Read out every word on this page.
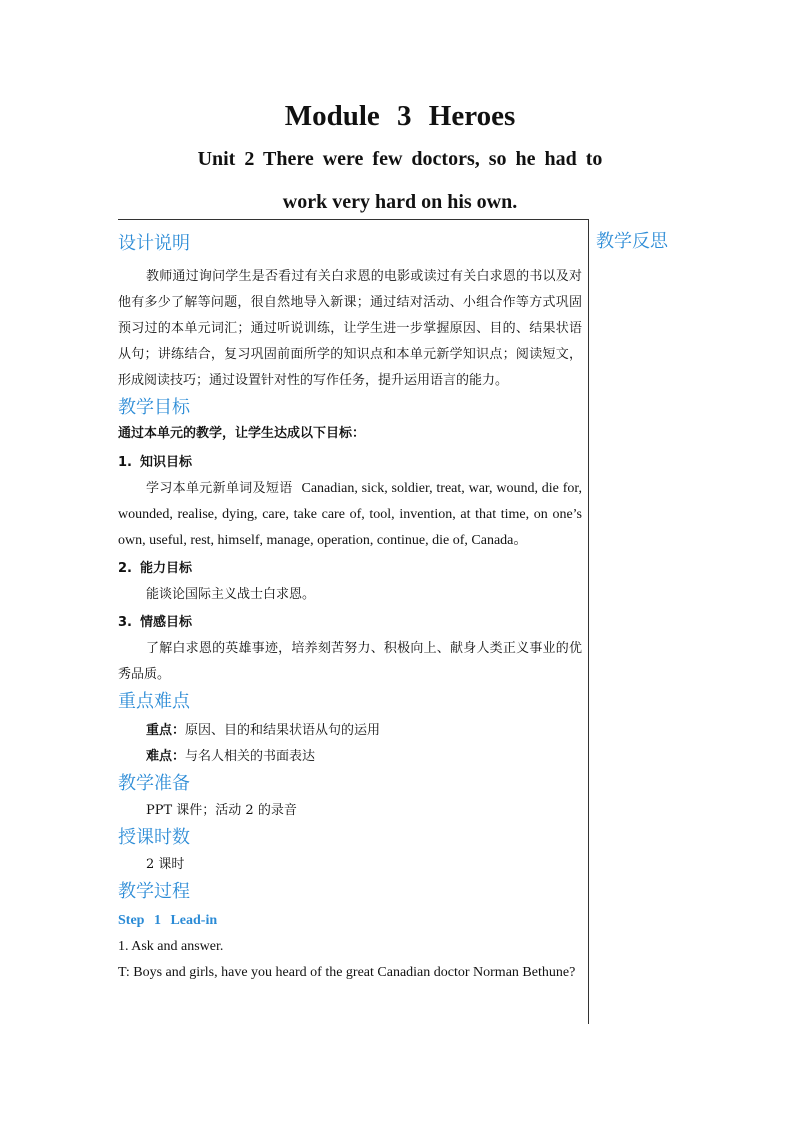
Module 3 Heroes
Unit 2 There were few doctors, so he had to
work very hard on his own.

教学反思

设计说明

教师通过询问学生是否看过有关白求恩的电影或读过有关白求恩的书以及对他有多少了解等问题，很自然地导入新课；通过结对活动、小组合作等方式巩固预习过的本单元词汇；通过听说训练，让学生进一步掌握原因、目的、结果状语从句；讲练结合，复习巩固前面所学的知识点和本单元新学知识点；阅读短文，形成阅读技巧；通过设置针对性的写作任务，提升运用语言的能力。

教学目标

通过本单元的教学，让学生达成以下目标：

1. 知识目标

学习本单元新单词及短语 Canadian, sick, soldier, treat, war, wound, die for, wounded, realise, dying, care, take care of, tool, invention, at that time, on one’s own, useful, rest, himself, manage, operation, continue, die of, Canada。

2. 能力目标

能谈论国际主义战士白求恩。

3. 情感目标

了解白求恩的英雄事迹，培养刻苦努力、积极向上、献身人类正义事业的优秀品质。

重点难点

重点：原因、目的和结果状语从句的运用

难点：与名人相关的书面表达

教学准备

PPT 课件；活动 2 的录音

授课时数

2 课时

教学过程

Step 1 Lead-in

1. Ask and answer.

T: Boys and girls, have you heard of the great Canadian doctor Norman Bethune?
